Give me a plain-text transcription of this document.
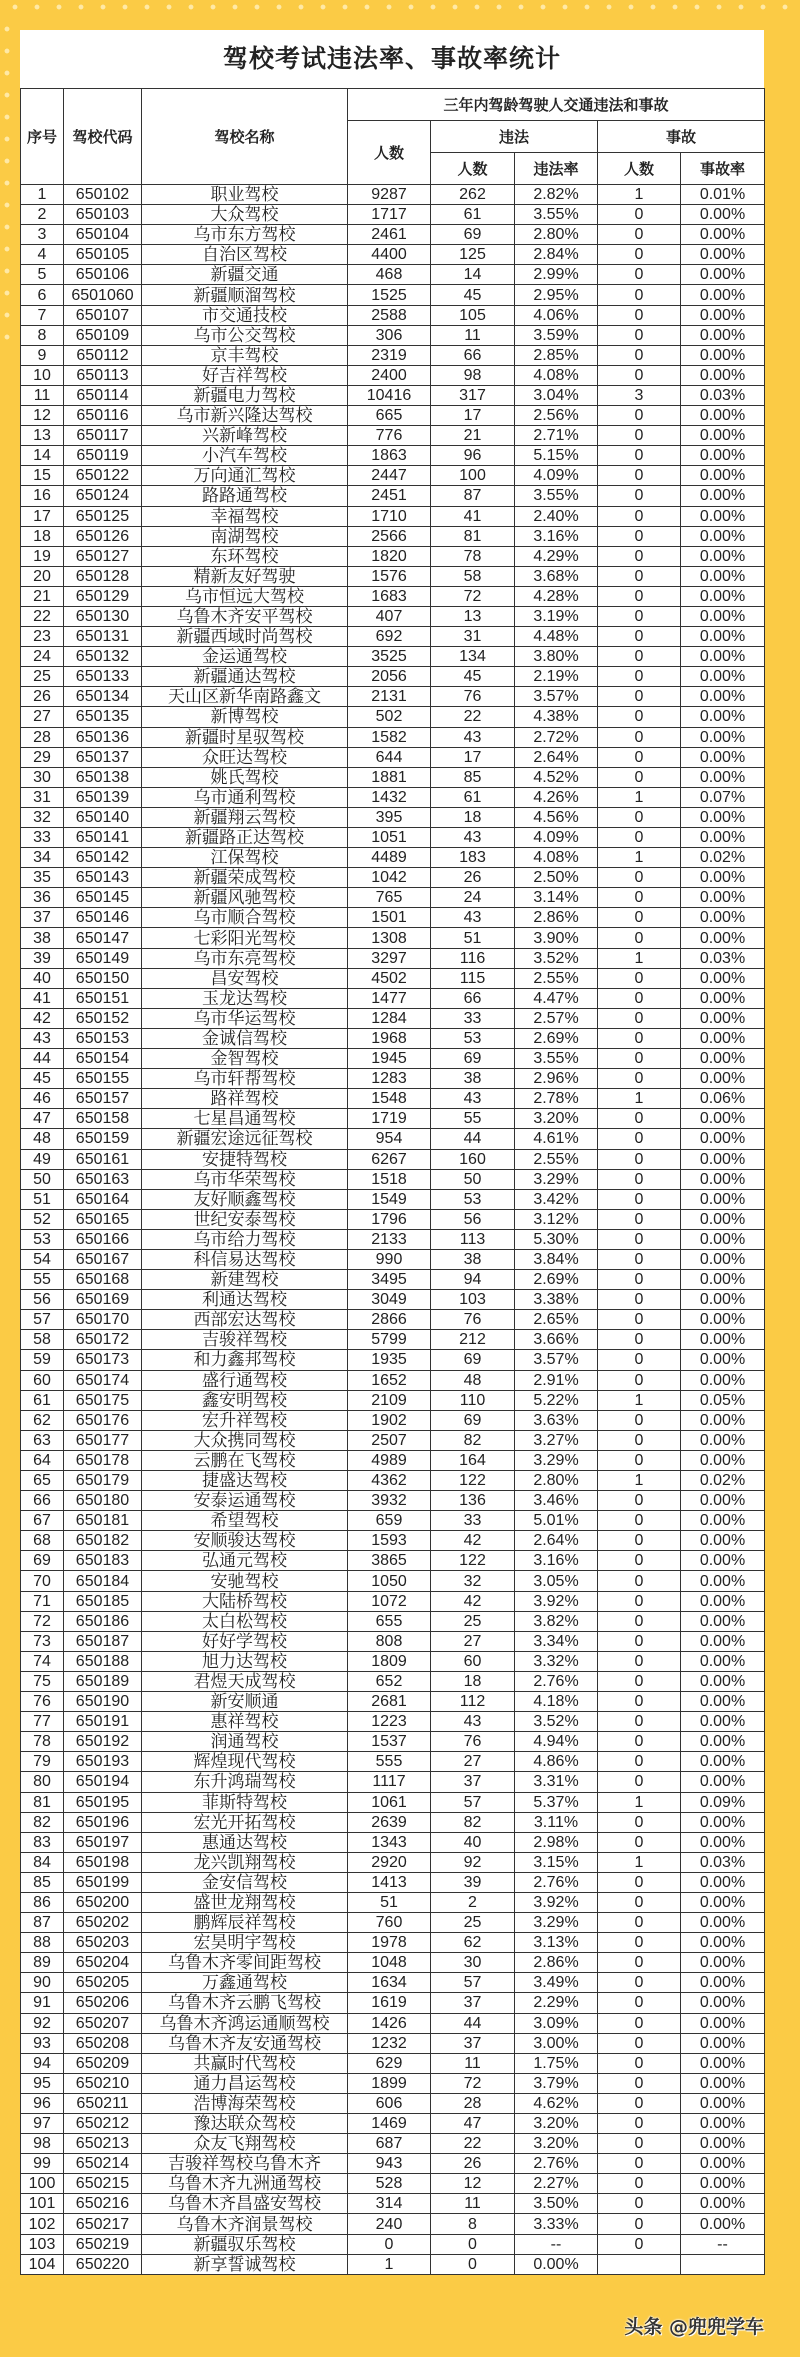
驾校考试违法率、事故率统计
序号	驾校代码	驾校名称	三年内驾龄驾驶人交通违法和事故				
			人数	违法		事故	
				人数	违法率	人数	事故率
1	650102	职业驾校	9287	262	2.82%	1	0.01%
2	650103	大众驾校	1717	61	3.55%	0	0.00%
3	650104	乌市东方驾校	2461	69	2.80%	0	0.00%
4	650105	自治区驾校	4400	125	2.84%	0	0.00%
5	650106	新疆交通	468	14	2.99%	0	0.00%
6	6501060	新疆顺溜驾校	1525	45	2.95%	0	0.00%
7	650107	市交通技校	2588	105	4.06%	0	0.00%
8	650109	乌市公交驾校	306	11	3.59%	0	0.00%
9	650112	京丰驾校	2319	66	2.85%	0	0.00%
10	650113	好吉祥驾校	2400	98	4.08%	0	0.00%
11	650114	新疆电力驾校	10416	317	3.04%	3	0.03%
12	650116	乌市新兴隆达驾校	665	17	2.56%	0	0.00%
13	650117	兴新峰驾校	776	21	2.71%	0	0.00%
14	650119	小汽车驾校	1863	96	5.15%	0	0.00%
15	650122	万向通汇驾校	2447	100	4.09%	0	0.00%
16	650124	路路通驾校	2451	87	3.55%	0	0.00%
17	650125	幸福驾校	1710	41	2.40%	0	0.00%
18	650126	南湖驾校	2566	81	3.16%	0	0.00%
19	650127	东环驾校	1820	78	4.29%	0	0.00%
20	650128	精新友好驾驶	1576	58	3.68%	0	0.00%
21	650129	乌市恒远大驾校	1683	72	4.28%	0	0.00%
22	650130	乌鲁木齐安平驾校	407	13	3.19%	0	0.00%
23	650131	新疆西域时尚驾校	692	31	4.48%	0	0.00%
24	650132	金运通驾校	3525	134	3.80%	0	0.00%
25	650133	新疆通达驾校	2056	45	2.19%	0	0.00%
26	650134	天山区新华南路鑫文	2131	76	3.57%	0	0.00%
27	650135	新博驾校	502	22	4.38%	0	0.00%
28	650136	新疆时星驭驾校	1582	43	2.72%	0	0.00%
29	650137	众旺达驾校	644	17	2.64%	0	0.00%
30	650138	姚氏驾校	1881	85	4.52%	0	0.00%
31	650139	乌市通利驾校	1432	61	4.26%	1	0.07%
32	650140	新疆翔云驾校	395	18	4.56%	0	0.00%
33	650141	新疆路正达驾校	1051	43	4.09%	0	0.00%
34	650142	江保驾校	4489	183	4.08%	1	0.02%
35	650143	新疆荣成驾校	1042	26	2.50%	0	0.00%
36	650145	新疆风驰驾校	765	24	3.14%	0	0.00%
37	650146	乌市顺合驾校	1501	43	2.86%	0	0.00%
38	650147	七彩阳光驾校	1308	51	3.90%	0	0.00%
39	650149	乌市东亮驾校	3297	116	3.52%	1	0.03%
40	650150	昌安驾校	4502	115	2.55%	0	0.00%
41	650151	玉龙达驾校	1477	66	4.47%	0	0.00%
42	650152	乌市华运驾校	1284	33	2.57%	0	0.00%
43	650153	金诚信驾校	1968	53	2.69%	0	0.00%
44	650154	金智驾校	1945	69	3.55%	0	0.00%
45	650155	乌市轩帮驾校	1283	38	2.96%	0	0.00%
46	650157	路祥驾校	1548	43	2.78%	1	0.06%
47	650158	七星昌通驾校	1719	55	3.20%	0	0.00%
48	650159	新疆宏途远征驾校	954	44	4.61%	0	0.00%
49	650161	安捷特驾校	6267	160	2.55%	0	0.00%
50	650163	乌市华荣驾校	1518	50	3.29%	0	0.00%
51	650164	友好顺鑫驾校	1549	53	3.42%	0	0.00%
52	650165	世纪安泰驾校	1796	56	3.12%	0	0.00%
53	650166	乌市给力驾校	2133	113	5.30%	0	0.00%
54	650167	科信易达驾校	990	38	3.84%	0	0.00%
55	650168	新建驾校	3495	94	2.69%	0	0.00%
56	650169	利通达驾校	3049	103	3.38%	0	0.00%
57	650170	西部宏达驾校	2866	76	2.65%	0	0.00%
58	650172	吉骏祥驾校	5799	212	3.66%	0	0.00%
59	650173	和力鑫邦驾校	1935	69	3.57%	0	0.00%
60	650174	盛行通驾校	1652	48	2.91%	0	0.00%
61	650175	鑫安明驾校	2109	110	5.22%	1	0.05%
62	650176	宏升祥驾校	1902	69	3.63%	0	0.00%
63	650177	大众携同驾校	2507	82	3.27%	0	0.00%
64	650178	云鹏在飞驾校	4989	164	3.29%	0	0.00%
65	650179	捷盛达驾校	4362	122	2.80%	1	0.02%
66	650180	安泰运通驾校	3932	136	3.46%	0	0.00%
67	650181	希望驾校	659	33	5.01%	0	0.00%
68	650182	安顺骏达驾校	1593	42	2.64%	0	0.00%
69	650183	弘通元驾校	3865	122	3.16%	0	0.00%
70	650184	安驰驾校	1050	32	3.05%	0	0.00%
71	650185	大陆桥驾校	1072	42	3.92%	0	0.00%
72	650186	太白松驾校	655	25	3.82%	0	0.00%
73	650187	好好学驾校	808	27	3.34%	0	0.00%
74	650188	旭力达驾校	1809	60	3.32%	0	0.00%
75	650189	君煜天成驾校	652	18	2.76%	0	0.00%
76	650190	新安顺通	2681	112	4.18%	0	0.00%
77	650191	惠祥驾校	1223	43	3.52%	0	0.00%
78	650192	润通驾校	1537	76	4.94%	0	0.00%
79	650193	辉煌现代驾校	555	27	4.86%	0	0.00%
80	650194	东升鸿瑞驾校	1117	37	3.31%	0	0.00%
81	650195	菲斯特驾校	1061	57	5.37%	1	0.09%
82	650196	宏光开拓驾校	2639	82	3.11%	0	0.00%
83	650197	惠通达驾校	1343	40	2.98%	0	0.00%
84	650198	龙兴凯翔驾校	2920	92	3.15%	1	0.03%
85	650199	金安信驾校	1413	39	2.76%	0	0.00%
86	650200	盛世龙翔驾校	51	2	3.92%	0	0.00%
87	650202	鹏辉辰祥驾校	760	25	3.29%	0	0.00%
88	650203	宏昊明宇驾校	1978	62	3.13%	0	0.00%
89	650204	乌鲁木齐零间距驾校	1048	30	2.86%	0	0.00%
90	650205	万鑫通驾校	1634	57	3.49%	0	0.00%
91	650206	乌鲁木齐云鹏飞驾校	1619	37	2.29%	0	0.00%
92	650207	乌鲁木齐鸿运通顺驾校	1426	44	3.09%	0	0.00%
93	650208	乌鲁木齐友安通驾校	1232	37	3.00%	0	0.00%
94	650209	共赢时代驾校	629	11	1.75%	0	0.00%
95	650210	通力昌运驾校	1899	72	3.79%	0	0.00%
96	650211	浩博海荣驾校	606	28	4.62%	0	0.00%
97	650212	豫达联众驾校	1469	47	3.20%	0	0.00%
98	650213	众友飞翔驾校	687	22	3.20%	0	0.00%
99	650214	吉骏祥驾校乌鲁木齐	943	26	2.76%	0	0.00%
100	650215	乌鲁木齐九洲通驾校	528	12	2.27%	0	0.00%
101	650216	乌鲁木齐昌盛安驾校	314	11	3.50%	0	0.00%
102	650217	乌鲁木齐润景驾校	240	8	3.33%	0	0.00%
103	650219	新疆驭乐驾校	0	0	--	0	--
104	650220	新享誓诚驾校	1	0	0.00%		
头条 @兜兜学车
